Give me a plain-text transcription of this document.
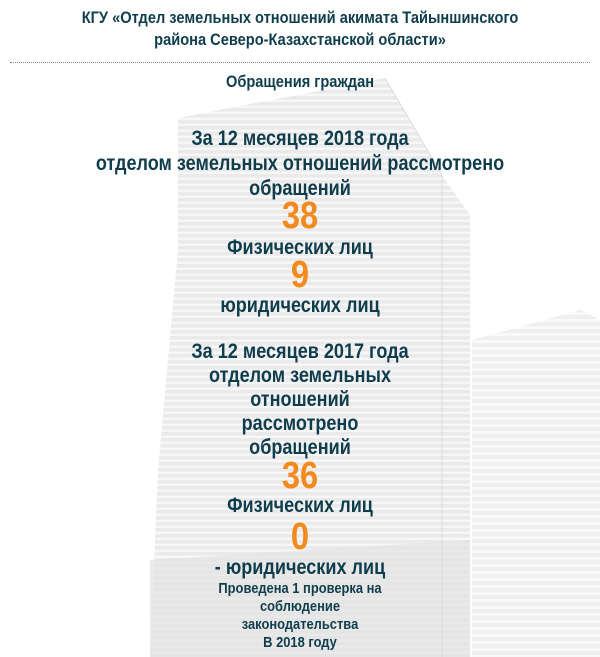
КГУ «Отдел земельных отношений акимата Тайыншинского
района Северо-Казахстанской области»
Обращения граждан
За 12 месяцев 2018 года
отделом земельных отношений рассмотрено
обращений
38
Физических лиц
9
юридических лиц
За 12 месяцев 2017 года
отделом земельных
отношений
рассмотрено
обращений
36
Физических лиц
0
- юридических лиц
Проведена 1 проверка на
соблюдение
законодательства
В 2018 году
